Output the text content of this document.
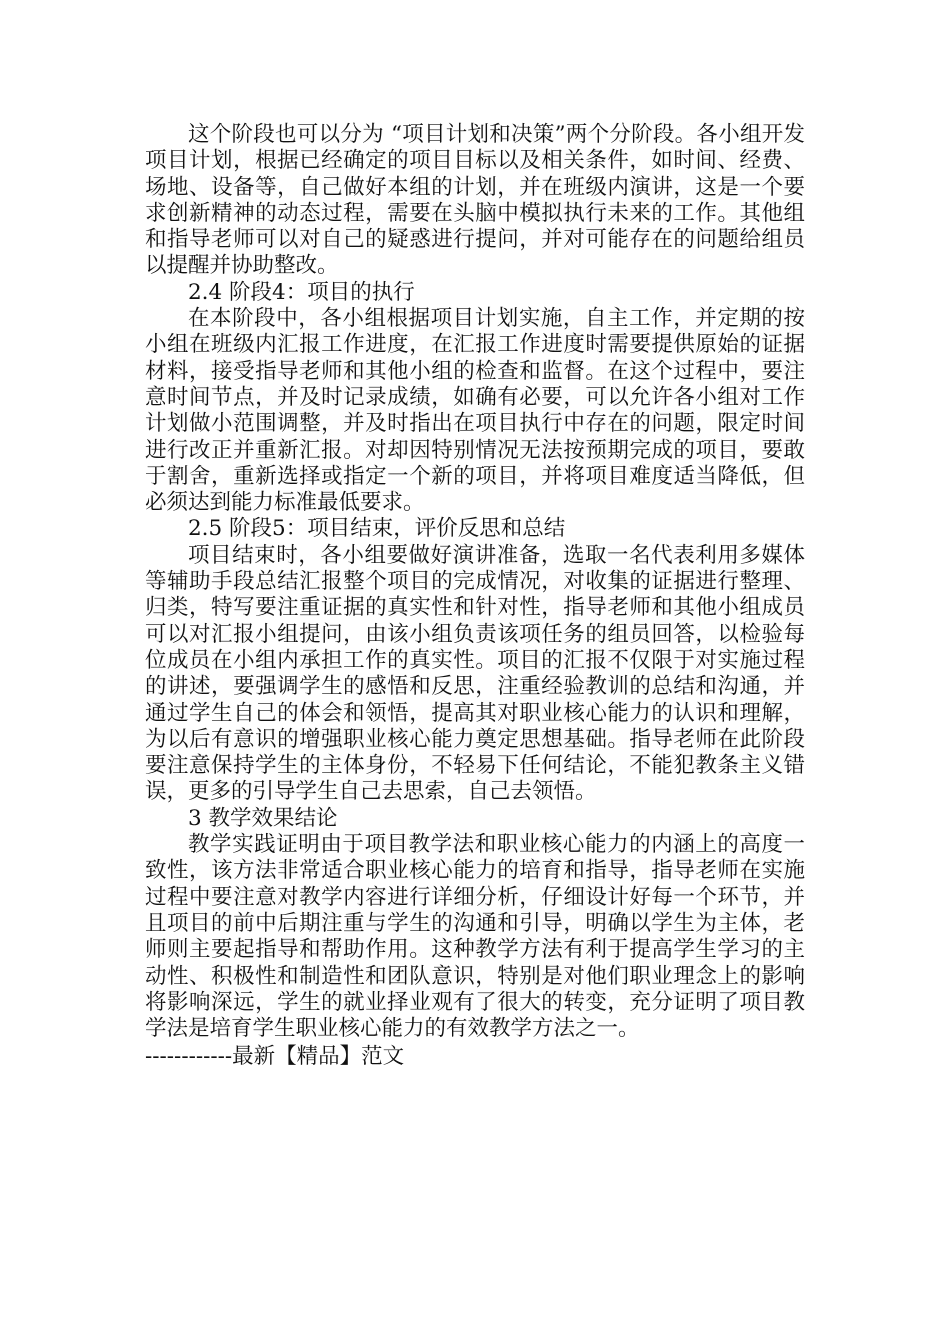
这个阶段也可以分为 “项目计划和决策”两个分阶段。各小组开发项目计划，根据已经确定的项目目标以及相关条件，如时间、经费、场地、设备等，自己做好本组的计划，并在班级内演讲，这是一个要求创新精神的动态过程，需要在头脑中模拟执行未来的工作。其他组和指导老师可以对自己的疑惑进行提问，并对可能存在的问题给组员以提醒并协助整改。

2.4 阶段4：项目的执行

在本阶段中，各小组根据项目计划实施，自主工作，并定期的按小组在班级内汇报工作进度，在汇报工作进度时需要提供原始的证据材料，接受指导老师和其他小组的检查和监督。在这个过程中，要注意时间节点，并及时记录成绩，如确有必要，可以允许各小组对工作计划做小范围调整，并及时指出在项目执行中存在的问题，限定时间进行改正并重新汇报。对却因特别情况无法按预期完成的项目，要敢于割舍，重新选择或指定一个新的项目，并将项目难度适当降低，但必须达到能力标准最低要求。

2.5 阶段5：项目结束，评价反思和总结

项目结束时，各小组要做好演讲准备，选取一名代表利用多媒体等辅助手段总结汇报整个项目的完成情况，对收集的证据进行整理、归类，特写要注重证据的真实性和针对性，指导老师和其他小组成员可以对汇报小组提问，由该小组负责该项任务的组员回答，以检验每位成员在小组内承担工作的真实性。项目的汇报不仅限于对实施过程的讲述，要强调学生的感悟和反思，注重经验教训的总结和沟通，并通过学生自己的体会和领悟，提高其对职业核心能力的认识和理解，为以后有意识的增强职业核心能力奠定思想基础。指导老师在此阶段要注意保持学生的主体身份，不轻易下任何结论，不能犯教条主义错误，更多的引导学生自己去思索，自己去领悟。

3 教学效果结论

教学实践证明由于项目教学法和职业核心能力的内涵上的高度一致性，该方法非常适合职业核心能力的培育和指导，指导老师在实施过程中要注意对教学内容进行详细分析，仔细设计好每一个环节，并且项目的前中后期注重与学生的沟通和引导，明确以学生为主体，老师则主要起指导和帮助作用。这种教学方法有利于提高学生学习的主动性、积极性和制造性和团队意识，特别是对他们职业理念上的影响将影响深远，学生的就业择业观有了很大的转变，充分证明了项目教学法是培育学生职业核心能力的有效教学方法之一。

------------最新【精品】范文
